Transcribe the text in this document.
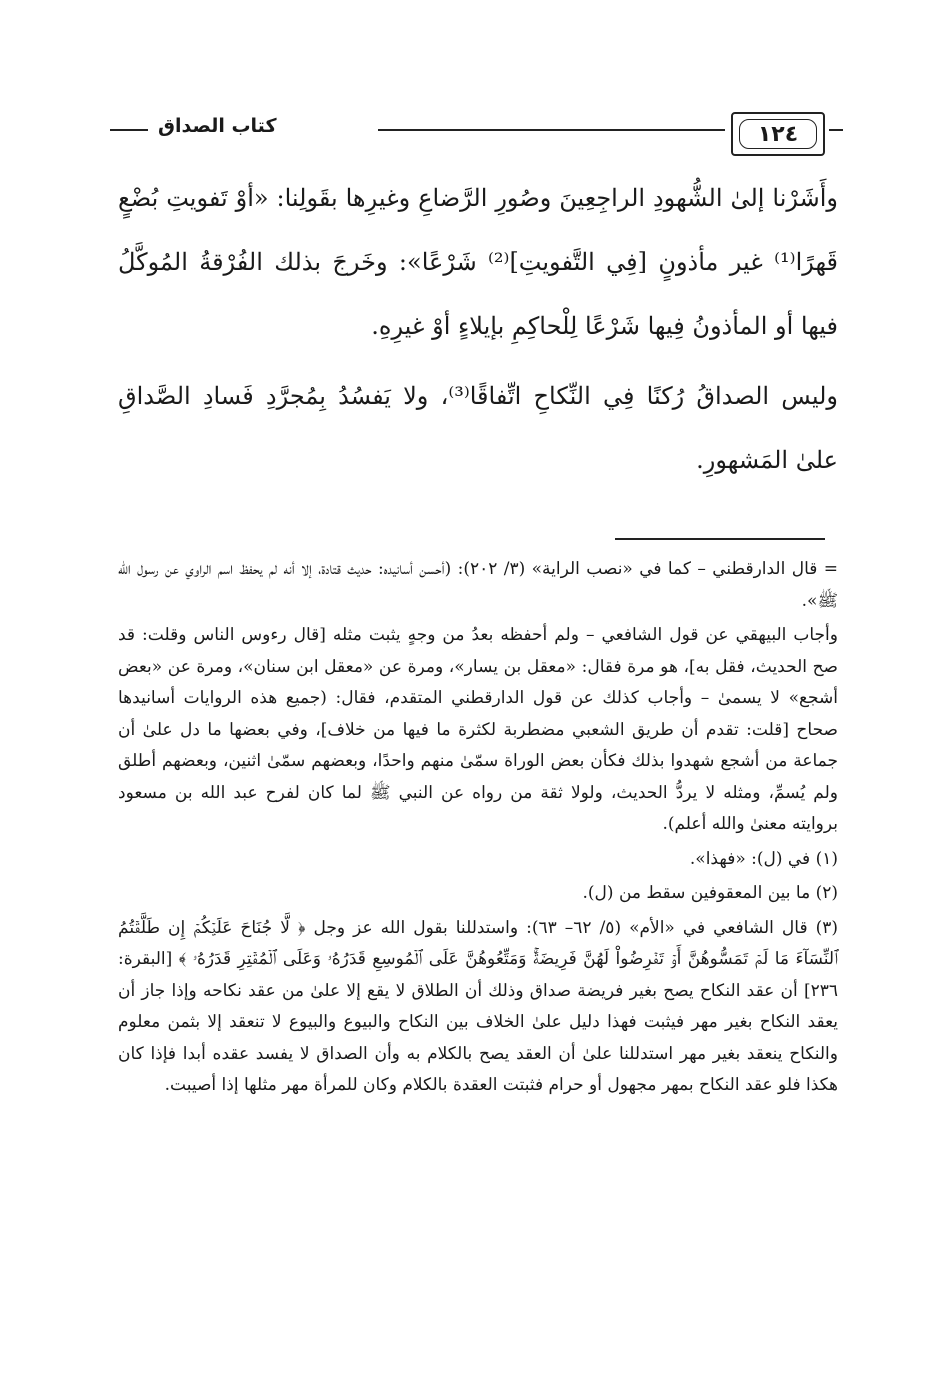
١٢٤
كتاب الصداق

وأَشَرْنا إلىٰ الشُّهودِ الراجِعِينَ وصُورِ الرَّضاعِ وغيرِها بقَولِنا: «أوْ تَفويتِ بُضْعٍ قَهرًا⁽¹⁾ غير مأذونٍ [فِي التَّفويتِ]⁽²⁾ شَرْعًا»: وخَرجَ بذلك الفُرْقةُ المُوكَّلُ فيها أو المأذونُ فِيها شَرْعًا لِلْحاكِمِ بإيلاءٍ أوْ غيرِهِ.

وليس الصداقُ رُكنًا فِي النِّكاحِ اتِّفاقًا⁽³⁾، ولا يَفسُدُ بِمُجرَّدِ فَسادِ الصَّداقِ علىٰ المَشهورِ.

= قال الدارقطني – كما في «نصب الراية» (٣/ ٢٠٢): (أحسن أسانيده: حديث قتادة، إلا أنه لم يحفظ اسم الراوي عن رسول الله ﷺ».

وأجاب البيهقي عن قول الشافعي – ولم أحفظه بعدُ من وجهٍ يثبت مثله [قال رءوس الناس وقلت: قد صح الحديث، فقل به]، هو مرة فقال: «معقل بن يسار»، ومرة عن «معقل ابن سنان»، ومرة عن «بعض أشجع» لا يسمىٰ – وأجاب كذلك عن قول الدارقطني المتقدم، فقال: (جميع هذه الروايات أسانيدها صحاح [قلت: تقدم أن طريق الشعبي مضطربة لكثرة ما فيها من خلاف]، وفي بعضها ما دل علىٰ أن جماعة من أشجع شهدوا بذلك فكأن بعض الوراة سمّىٰ منهم واحدًا، وبعضهم سمّىٰ اثنين، وبعضهم أطلق ولم يُسمِّ، ومثله لا يردُّ الحديث، ولولا ثقة من رواه عن النبي ﷺ لما كان لفرح عبد الله بن مسعود بروايته معنىٰ والله أعلم).

(١) في (ل): «فهذا».

(٢) ما بين المعقوفين سقط من (ل).

(٣) قال الشافعي في «الأم» (٥/ ٦٢– ٦٣): واستدللنا بقول الله عز وجل ﴿ لَّا جُنَاحَ عَلَيۡكُمۡ إِن طَلَّقۡتُمُ ٱلنِّسَآءَ مَا لَمۡ تَمَسُّوهُنَّ أَوۡ تَفۡرِضُواْ لَهُنَّ فَرِيضَةٗۚ وَمَتِّعُوهُنَّ عَلَى ٱلۡمُوسِعِ قَدَرُهُۥ وَعَلَى ٱلۡمُقۡتِرِ قَدَرُهُۥ ﴾ [البقرة: ٢٣٦] أن عقد النكاح يصح بغير فريضة صداق وذلك أن الطلاق لا يقع إلا علىٰ من عقد نكاحه وإذا جاز أن يعقد النكاح بغير مهر فيثبت فهذا دليل علىٰ الخلاف بين النكاح والبيوع والبيوع لا تنعقد إلا بثمن معلوم والنكاح ينعقد بغير مهر استدللنا علىٰ أن العقد يصح بالكلام به وأن الصداق لا يفسد عقده أبدا فإذا كان هكذا فلو عقد النكاح بمهر مجهول أو حرام فثبتت العقدة بالكلام وكان للمرأة مهر مثلها إذا أصيبت.
